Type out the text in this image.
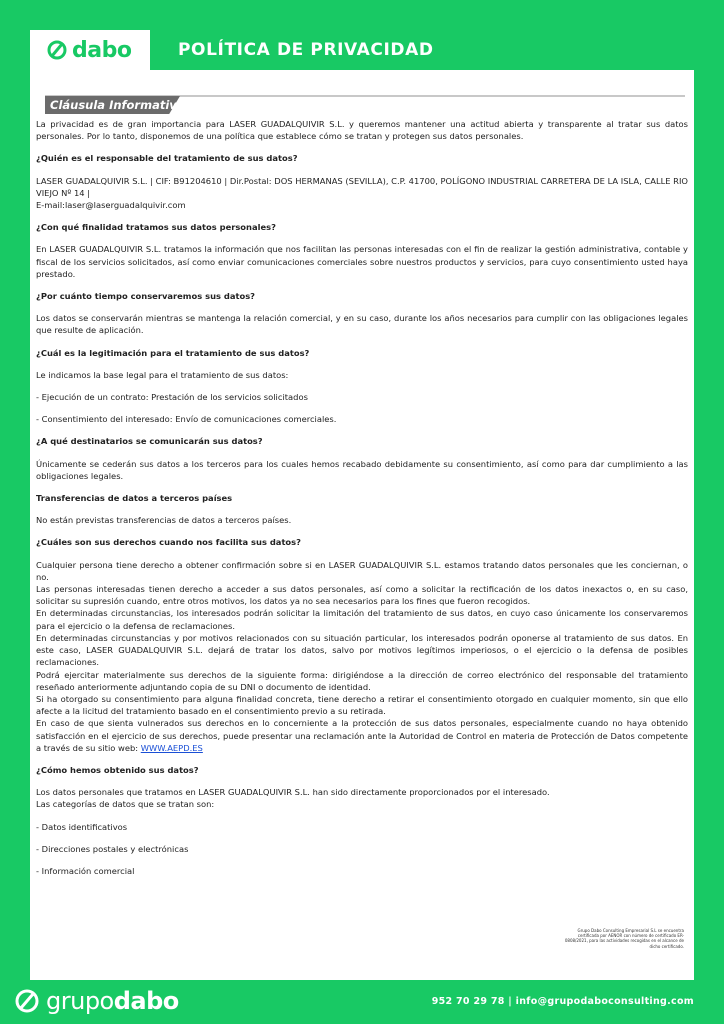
dabo	POLÍTICA DE PRIVACIDAD
Cláusula Informativa:

La privacidad es de gran importancia para LASER GUADALQUIVIR S.L. y queremos mantener una actitud abierta y transparente al tratar sus datos personales. Por lo tanto, disponemos de una política que establece cómo se tratan y protegen sus datos personales.

¿Quién es el responsable del tratamiento de sus datos?

LASER GUADALQUIVIR S.L. | CIF: B91204610 | Dir.Postal: DOS HERMANAS (SEVILLA), C.P. 41700, POLÍGONO INDUSTRIAL CARRETERA DE LA ISLA, CALLE RIO VIEJO Nº 14 |

E-mail:laser@laserguadalquivir.com

¿Con qué finalidad tratamos sus datos personales?

En LASER GUADALQUIVIR S.L. tratamos la información que nos facilitan las personas interesadas con el fin de realizar la gestión administrativa, contable y fiscal de los servicios solicitados, así como enviar comunicaciones comerciales sobre nuestros productos y servicios, para cuyo consentimiento usted haya prestado.

¿Por cuánto tiempo conservaremos sus datos?

Los datos se conservarán mientras se mantenga la relación comercial, y en su caso, durante los años necesarios para cumplir con las obligaciones legales que resulte de aplicación.

¿Cuál es la legitimación para el tratamiento de sus datos?

Le indicamos la base legal para el tratamiento de sus datos:

- Ejecución de un contrato: Prestación de los servicios solicitados

- Consentimiento del interesado: Envío de comunicaciones comerciales.

¿A qué destinatarios se comunicarán sus datos?

Únicamente se cederán sus datos a los terceros para los cuales hemos recabado debidamente su consentimiento, así como para dar cumplimiento a las obligaciones legales.

Transferencias de datos a terceros países

No están previstas transferencias de datos a terceros países.

¿Cuáles son sus derechos cuando nos facilita sus datos?

Cualquier persona tiene derecho a obtener confirmación sobre si en LASER GUADALQUIVIR S.L. estamos tratando datos personales que les conciernan, o no.

Las personas interesadas tienen derecho a acceder a sus datos personales, así como a solicitar la rectificación de los datos inexactos o, en su caso, solicitar su supresión cuando, entre otros motivos, los datos ya no sea necesarios para los fines que fueron recogidos.

En determinadas circunstancias, los interesados podrán solicitar la limitación del tratamiento de sus datos, en cuyo caso únicamente los conservaremos para el ejercicio o la defensa de reclamaciones.

En determinadas circunstancias y por motivos relacionados con su situación particular, los interesados podrán oponerse al tratamiento de sus datos. En este caso, LASER GUADALQUIVIR S.L. dejará de tratar los datos, salvo por motivos legítimos imperiosos, o el ejercicio o la defensa de posibles reclamaciones.

Podrá ejercitar materialmente sus derechos de la siguiente forma: dirigiéndose a la dirección de correo electrónico del responsable del tratamiento reseñado anteriormente adjuntando copia de su DNI o documento de identidad.

Si ha otorgado su consentimiento para alguna finalidad concreta, tiene derecho a retirar el consentimiento otorgado en cualquier momento, sin que ello afecte a la licitud del tratamiento basado en el consentimiento previo a su retirada.

En caso de que sienta vulnerados sus derechos en lo concerniente a la protección de sus datos personales, especialmente cuando no haya obtenido satisfacción en el ejercicio de sus derechos, puede presentar una reclamación ante la Autoridad de Control en materia de Protección de Datos competente a través de su sitio web: WWW.AEPD.ES

¿Cómo hemos obtenido sus datos?

Los datos personales que tratamos en LASER GUADALQUIVIR S.L. han sido directamente proporcionados por el interesado.

Las categorías de datos que se tratan son:

- Datos identificativos

- Direcciones postales y electrónicas

- Información comercial

Grupo Dabo Consulting Empresarial S.L se encuentra certificada por AENOR con número de certificado ER-0808/2021, para las actividades recogidas en el alcance de dicho certificado.
grupodabo	952 70 29 78 | info@grupodaboconsulting.com
